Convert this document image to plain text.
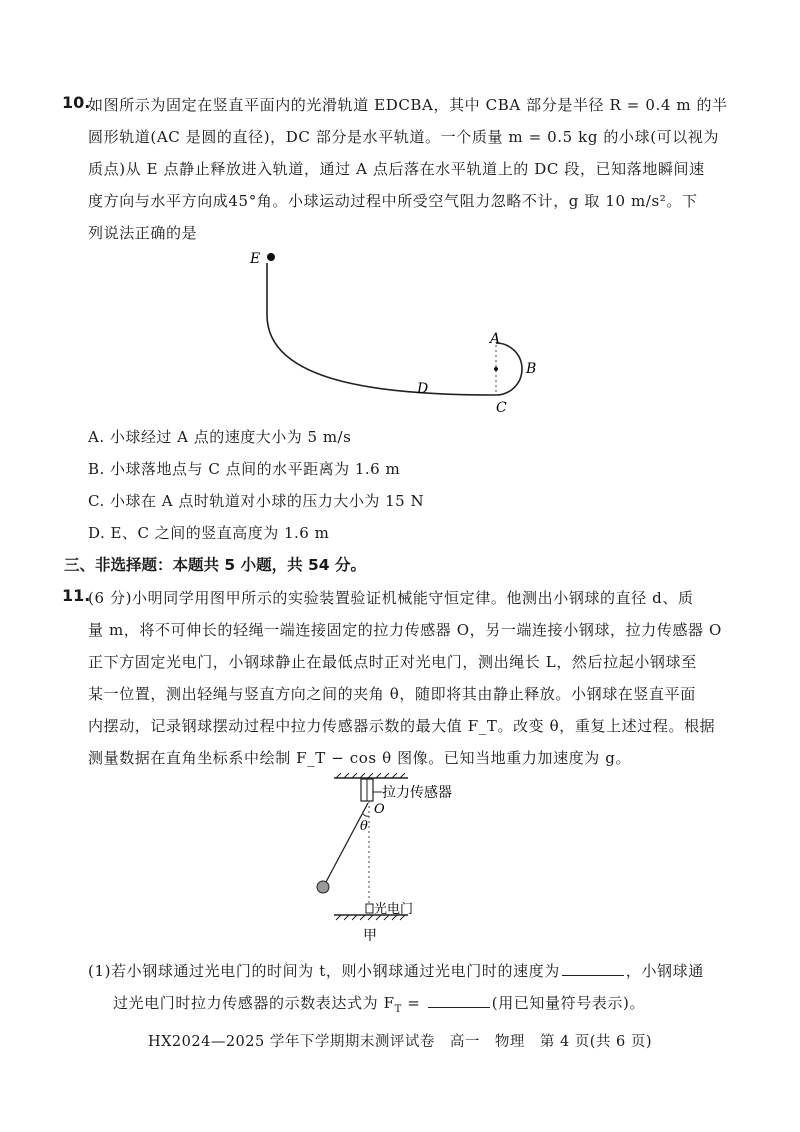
10.
如图所示为固定在竖直平面内的光滑轨道 EDCBA，其中 CBA 部分是半径 R = 0.4 m 的半
圆形轨道(AC 是圆的直径)，DC 部分是水平轨道。一个质量 m = 0.5 kg 的小球(可以视为
质点)从 E 点静止释放进入轨道，通过 A 点后落在水平轨道上的 DC 段，已知落地瞬间速
度方向与水平方向成45°角。小球运动过程中所受空气阻力忽略不计，g 取 10 m/s²。下
列说法正确的是
E
A
B
C
D
A. 小球经过 A 点的速度大小为 5 m/s
B. 小球落地点与 C 点间的水平距离为 1.6 m
C. 小球在 A 点时轨道对小球的压力大小为 15 N
D. E、C 之间的竖直高度为 1.6 m
三、非选择题：本题共 5 小题，共 54 分。
11.
(6 分)小明同学用图甲所示的实验装置验证机械能守恒定律。他测出小钢球的直径 d、质
量 m，将不可伸长的轻绳一端连接固定的拉力传感器 O，另一端连接小钢球，拉力传感器 O
正下方固定光电门，小钢球静止在最低点时正对光电门，测出绳长 L，然后拉起小钢球至
某一位置，测出轻绳与竖直方向之间的夹角 θ，随即将其由静止释放。小钢球在竖直平面
内摆动，记录钢球摆动过程中拉力传感器示数的最大值 F_T。改变 θ，重复上述过程。根据
测量数据在直角坐标系中绘制 F_T − cos θ 图像。已知当地重力加速度为 g。
拉力传感器
O
θ
光电门
甲
(1)若小钢球通过光电门的时间为 t，则小钢球通过光电门时的速度为	，小钢球通
过光电门时拉力传感器的示数表达式为 $F_T$ =	(用已知量符号表示)。
HX2024—2025 学年下学期期末测评试卷　高一　物理　第 4 页(共 6 页)
